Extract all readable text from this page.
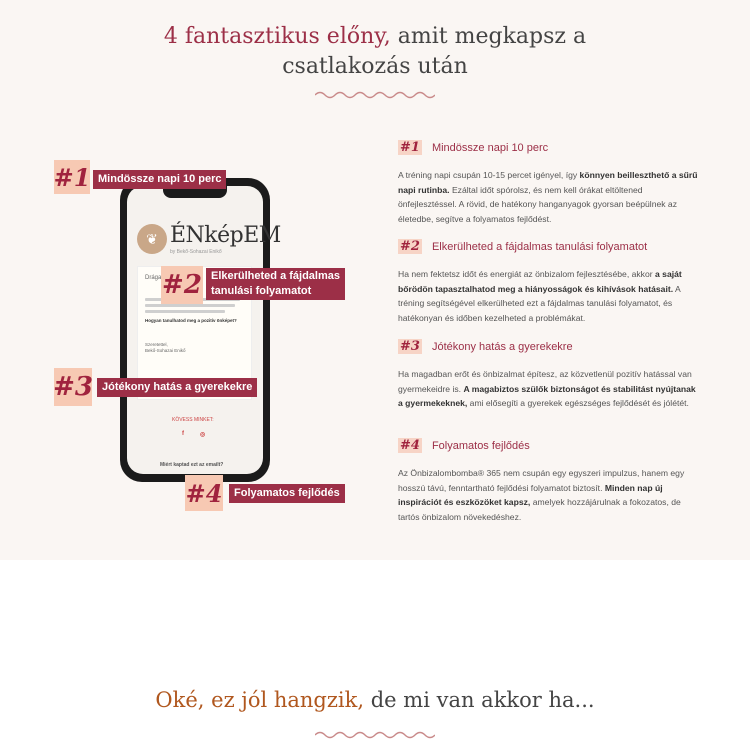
4 fantasztikus előny, amit megkapsz a
csatlakozás után
❦ ÉNképEM
by Bekő-Sohazai Enikő
Drága
Hogyan tanulhatod meg a pozitív önképet?
Szeretettel,
Bekő-Sohazai Enikő
KÖVESS MINKET:
f	◎
Miért kaptad ezt az emailt?
#1 Mindössze napi 10 perc
#2 Elkerülheted a fájdalmas
tanulási folyamatot
#3 Jótékony hatás a gyerekekre
#4	Folyamatos fejlődés
#1 Mindössze napi 10 perc
A tréning napi csupán 10-15 percet igényel, így könnyen beilleszthető a sűrű napi rutinba. Ezáltal időt spórolsz, és nem kell órákat eltöltened önfejlesztéssel. A rövid, de hatékony hanganyagok gyorsan beépülnek az életedbe, segítve a folyamatos fejlődést.
#2 Elkerülheted a fájdalmas tanulási folyamatot
Ha nem fektetsz időt és energiát az önbizalom fejlesztésébe, akkor a saját bőrödön tapasztalhatod meg a hiányosságok és kihívások hatásait. A tréning segítségével elkerülheted ezt a fájdalmas tanulási folyamatot, és hatékonyan és időben kezelheted a problémákat.
#3 Jótékony hatás a gyerekekre
Ha magadban erőt és önbizalmat építesz, az közvetlenül pozitív hatással van gyermekeidre is. A magabiztos szülők biztonságot és stabilitást nyújtanak a gyermekeknek, ami elősegíti a gyerekek egészséges fejlődését és jólétét.
#4 Folyamatos fejlődés
Az Önbizalombomba® 365 nem csupán egy egyszeri impulzus, hanem egy hosszú távú, fenntartható fejlődési folyamatot biztosít. Minden nap új inspirációt és eszközöket kapsz, amelyek hozzájárulnak a fokozatos, de tartós önbizalom növekedéshez.
Oké, ez jól hangzik, de mi van akkor ha...
